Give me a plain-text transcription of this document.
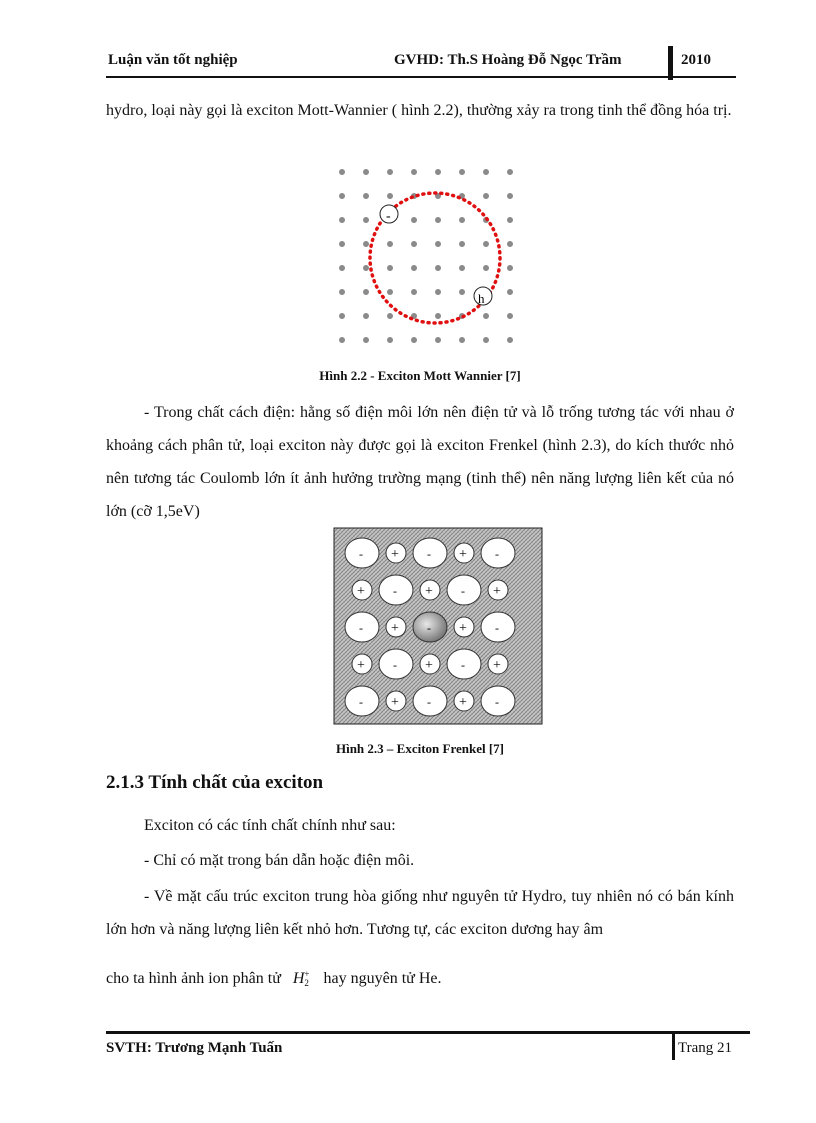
Luận văn tốt nghiệp	GVHD: Th.S Hoàng Đỗ Ngọc Trầm	2010
hydro, loại này gọi là exciton Mott-Wannier ( hình 2.2), thường xảy ra trong tinh thể đồng hóa trị.
-
h
Hình 2.2 - Exciton Mott Wannier [7]
- Trong chất cách điện: hằng số điện môi lớn nên điện tử và lỗ trống tương tác với nhau ở khoảng cách phân tử, loại exciton này được gọi là exciton Frenkel (hình 2.3), do kích thước nhỏ nên tương tác Coulomb lớn ít ảnh hưởng trường mạng (tinh thể) nên năng lượng liên kết của nó lớn (cỡ 1,5eV)
- + - + -
+ - + - +
- + - + -
+ - + - +
- + - + -
Hình 2.3 – Exciton Frenkel [7]
2.1.3 Tính chất của exciton
Exciton có các tính chất chính như sau:
- Chỉ có mặt trong bán dẫn hoặc điện môi.
- Về mặt cấu trúc exciton trung hòa giống như nguyên tử Hydro, tuy nhiên nó có bán kính lớn hơn và năng lượng liên kết nhỏ hơn. Tương tự, các exciton dương hay âm
cho ta hình ảnh ion phân tử H +
2 hay nguyên tử He.
SVTH: Trương Mạnh Tuấn	Trang 21
